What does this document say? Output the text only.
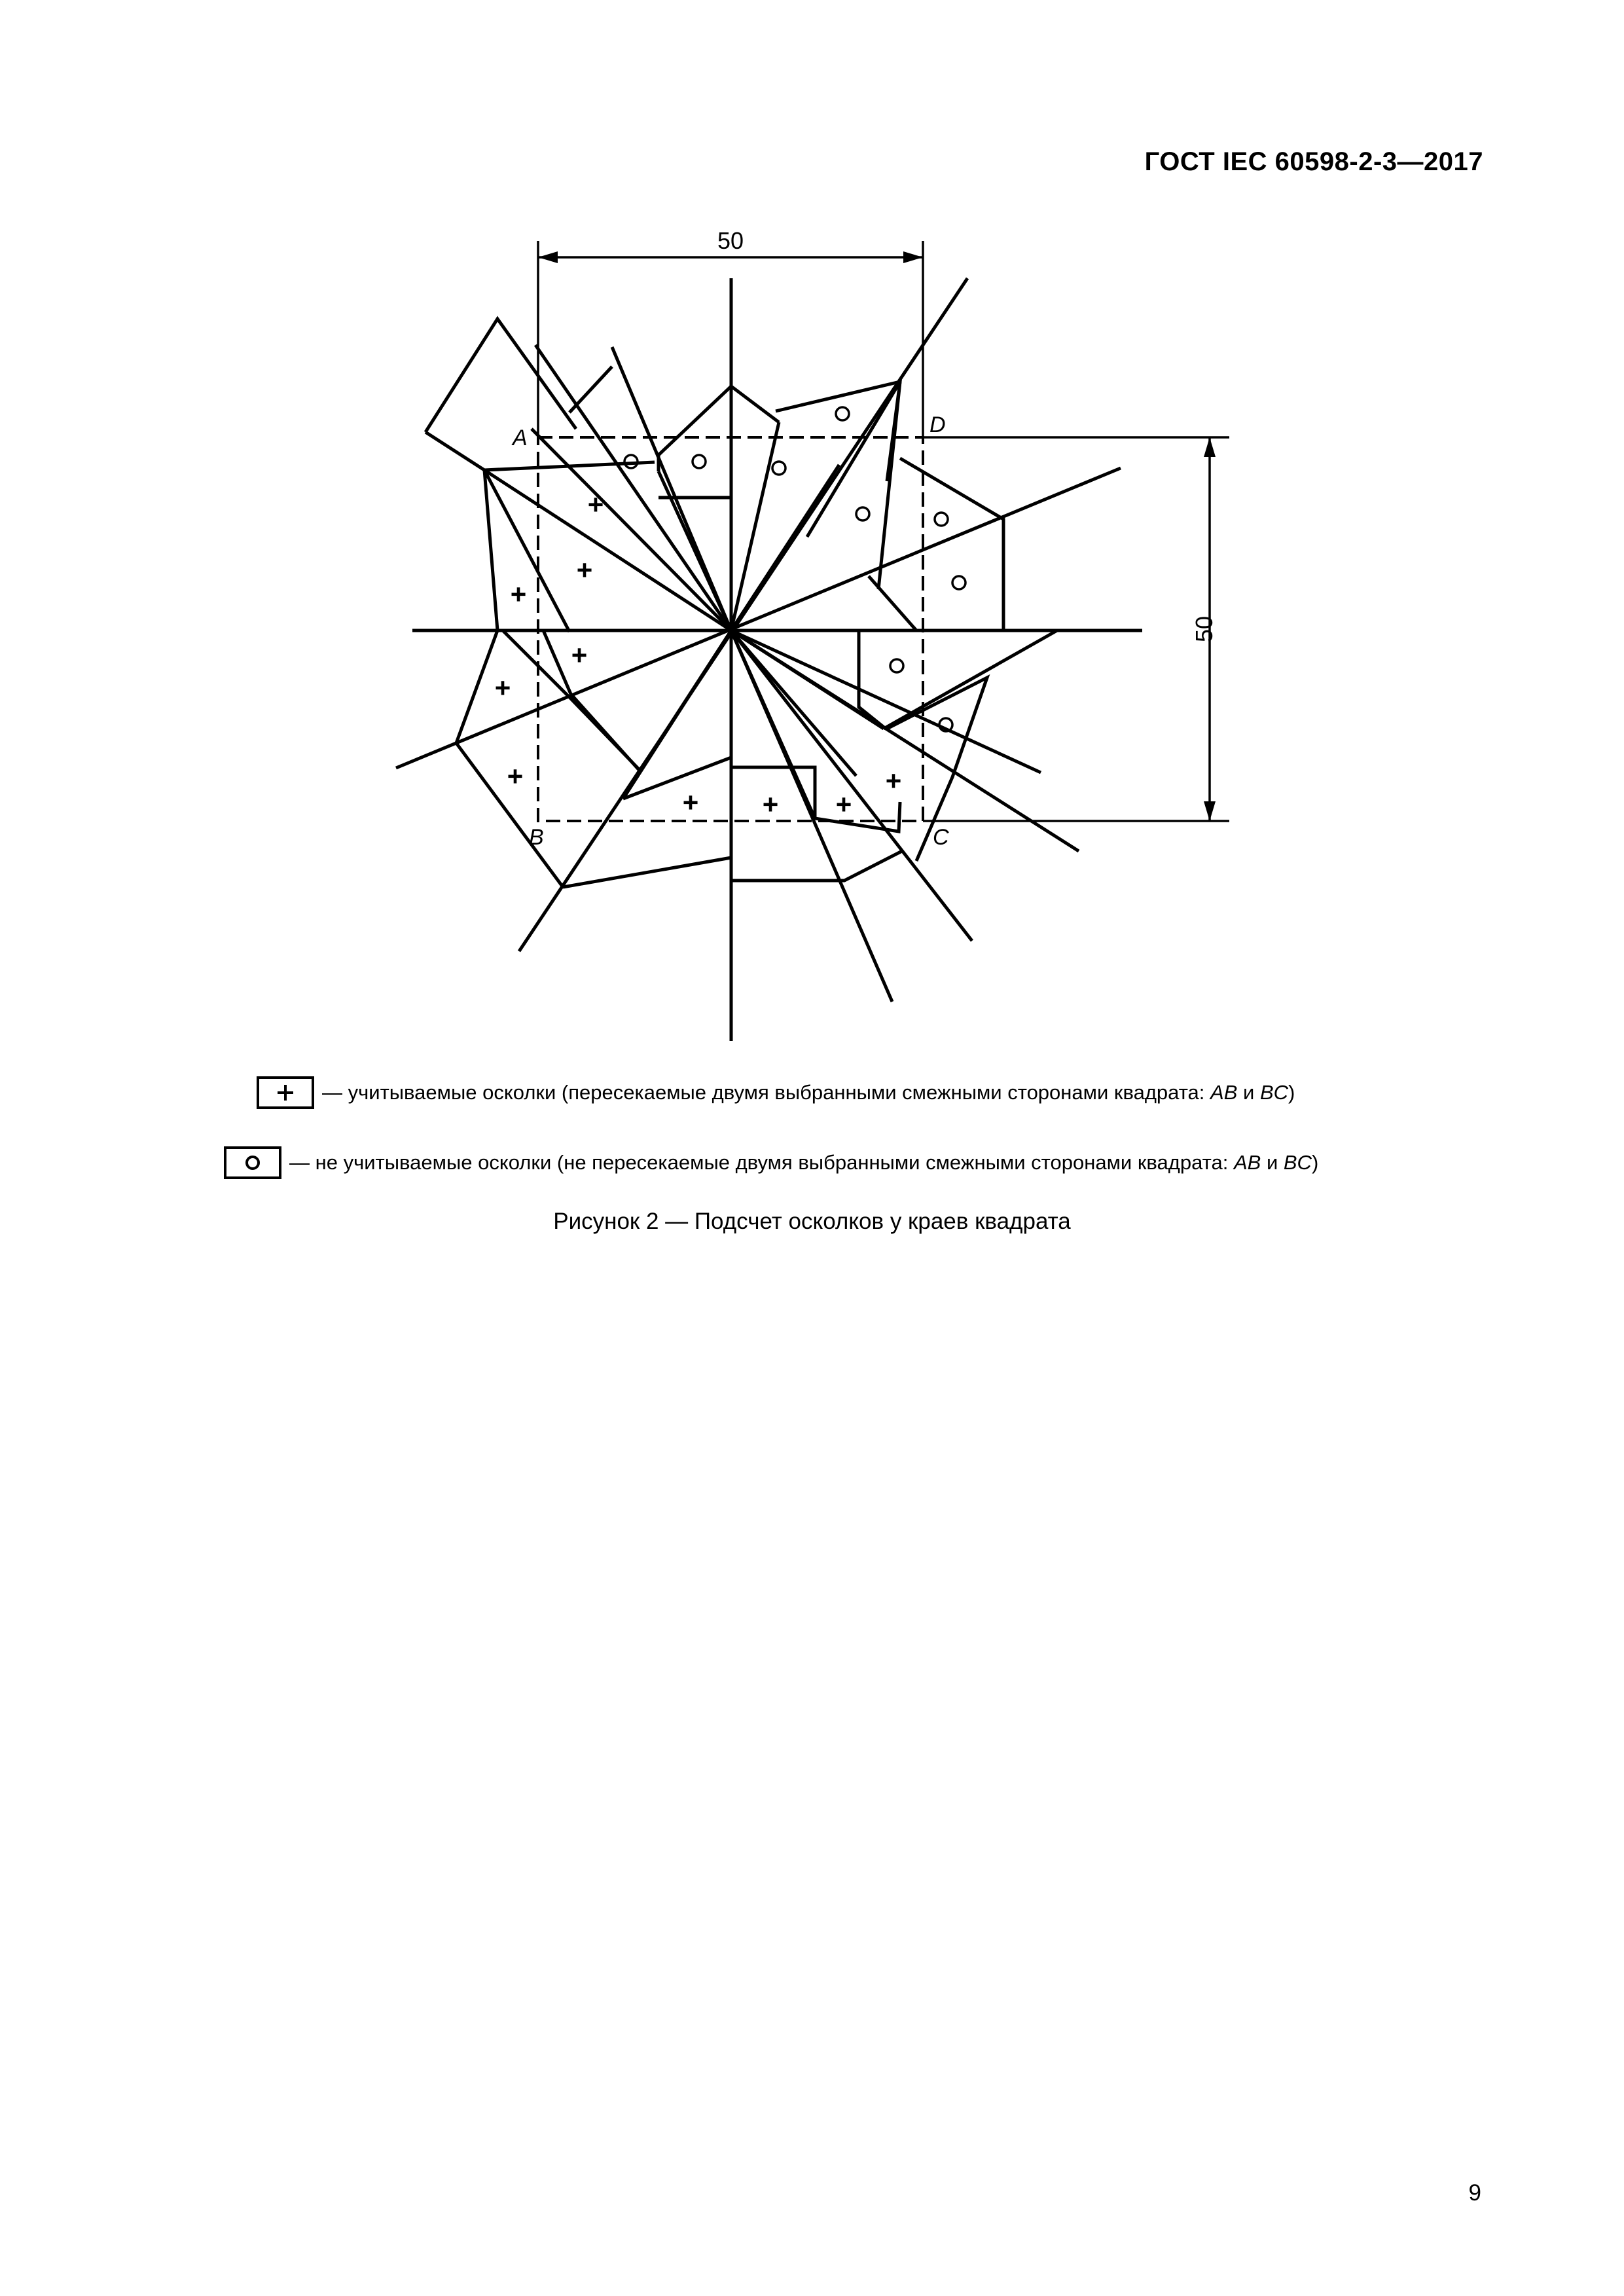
ГОСТ IEC 60598-2-3—2017
50
50
A
D
B	C
+
+
+
+
+
+
+ + +
+
— учитываемые осколки (пересекаемые двумя выбранными смежными сторонами квадрата: AB и BC)
— не учитываемые осколки (не пересекаемые двумя выбранными смежными сторонами квадрата: AB и BC)
Рисунок 2 — Подсчет осколков у краев квадрата
9
